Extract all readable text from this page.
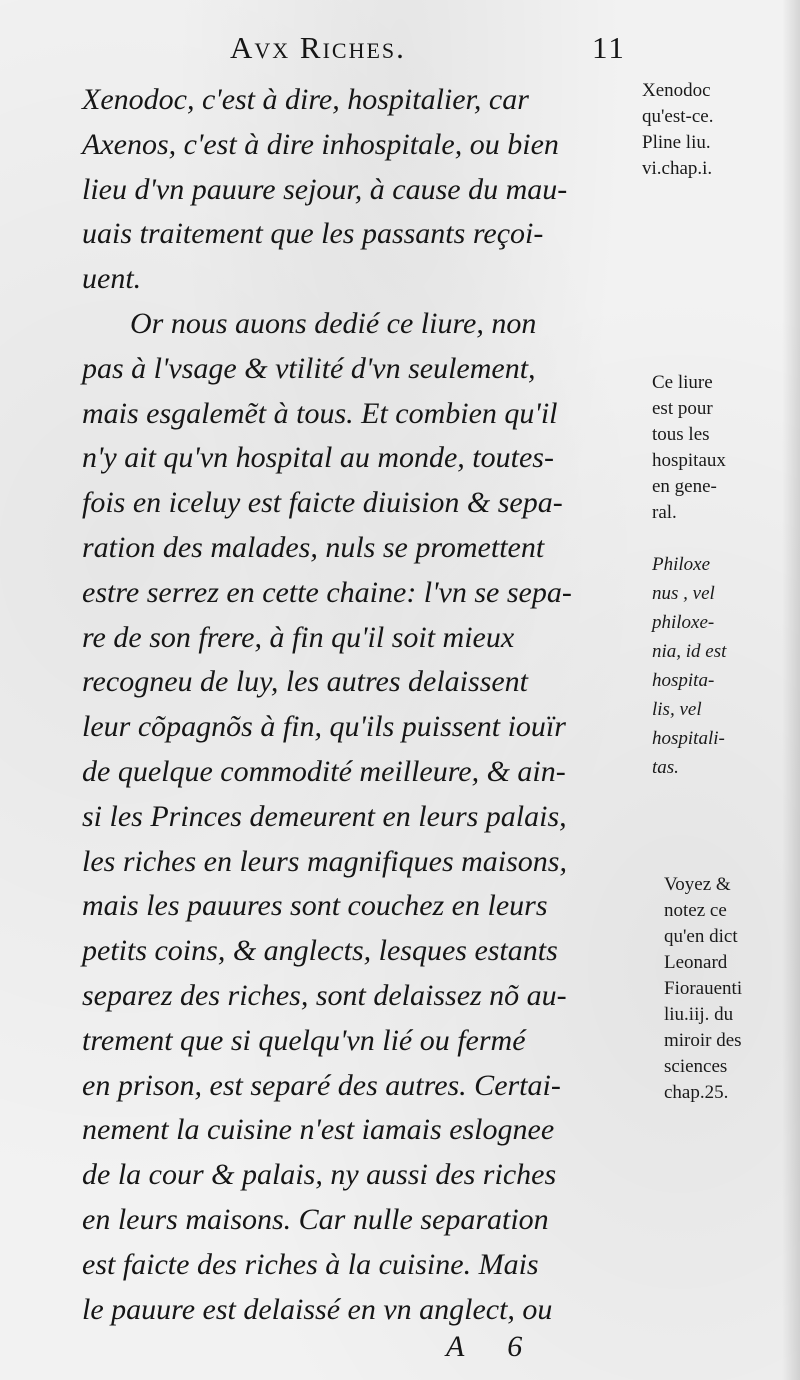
Avx Riches.	11
Xenodoc, c'est à dire, hospitalier, car
Axenos, c'est à dire inhospitale, ou bien
lieu d'vn pauure sejour, à cause du mau-
uais traitement que les passants reçoi-
uent.
Or nous auons dedié ce liure, non
pas à l'vsage & vtilité d'vn seulement,
mais esgalemẽt à tous. Et combien qu'il
n'y ait qu'vn hospital au monde, toutes-
fois en iceluy est faicte diuision & sepa-
ration des malades, nuls se promettent
estre serrez en cette chaine: l'vn se sepa-
re de son frere, à fin qu'il soit mieux
recogneu de luy, les autres delaissent
leur cõpagnõs à fin, qu'ils puissent iouïr
de quelque commodité meilleure, & ain-
si les Princes demeurent en leurs palais,
les riches en leurs magnifiques maisons,
mais les pauures sont couchez en leurs
petits coins, & anglects, lesques estants
separez des riches, sont delaissez nõ au-
trement que si quelqu'vn lié ou fermé
en prison, est separé des autres. Certai-
nement la cuisine n'est iamais eslognee
de la cour & palais, ny aussi des riches
en leurs maisons. Car nulle separation
est faicte des riches à la cuisine. Mais
le pauure est delaissé en vn anglect, ou
Xenodoc
qu'est-ce.
Pline liu.
vi.chap.i.
Ce liure
est pour
tous les
hospitaux
en gene-
ral.
Philoxe
nus , vel
philoxe-
nia, id est
hospita-
lis, vel
hospitali-
tas.
Voyez &
notez ce
qu'en dict
Leonard
Fiorauenti
liu.iij. du
miroir des
sciences
chap.25.
A 6
